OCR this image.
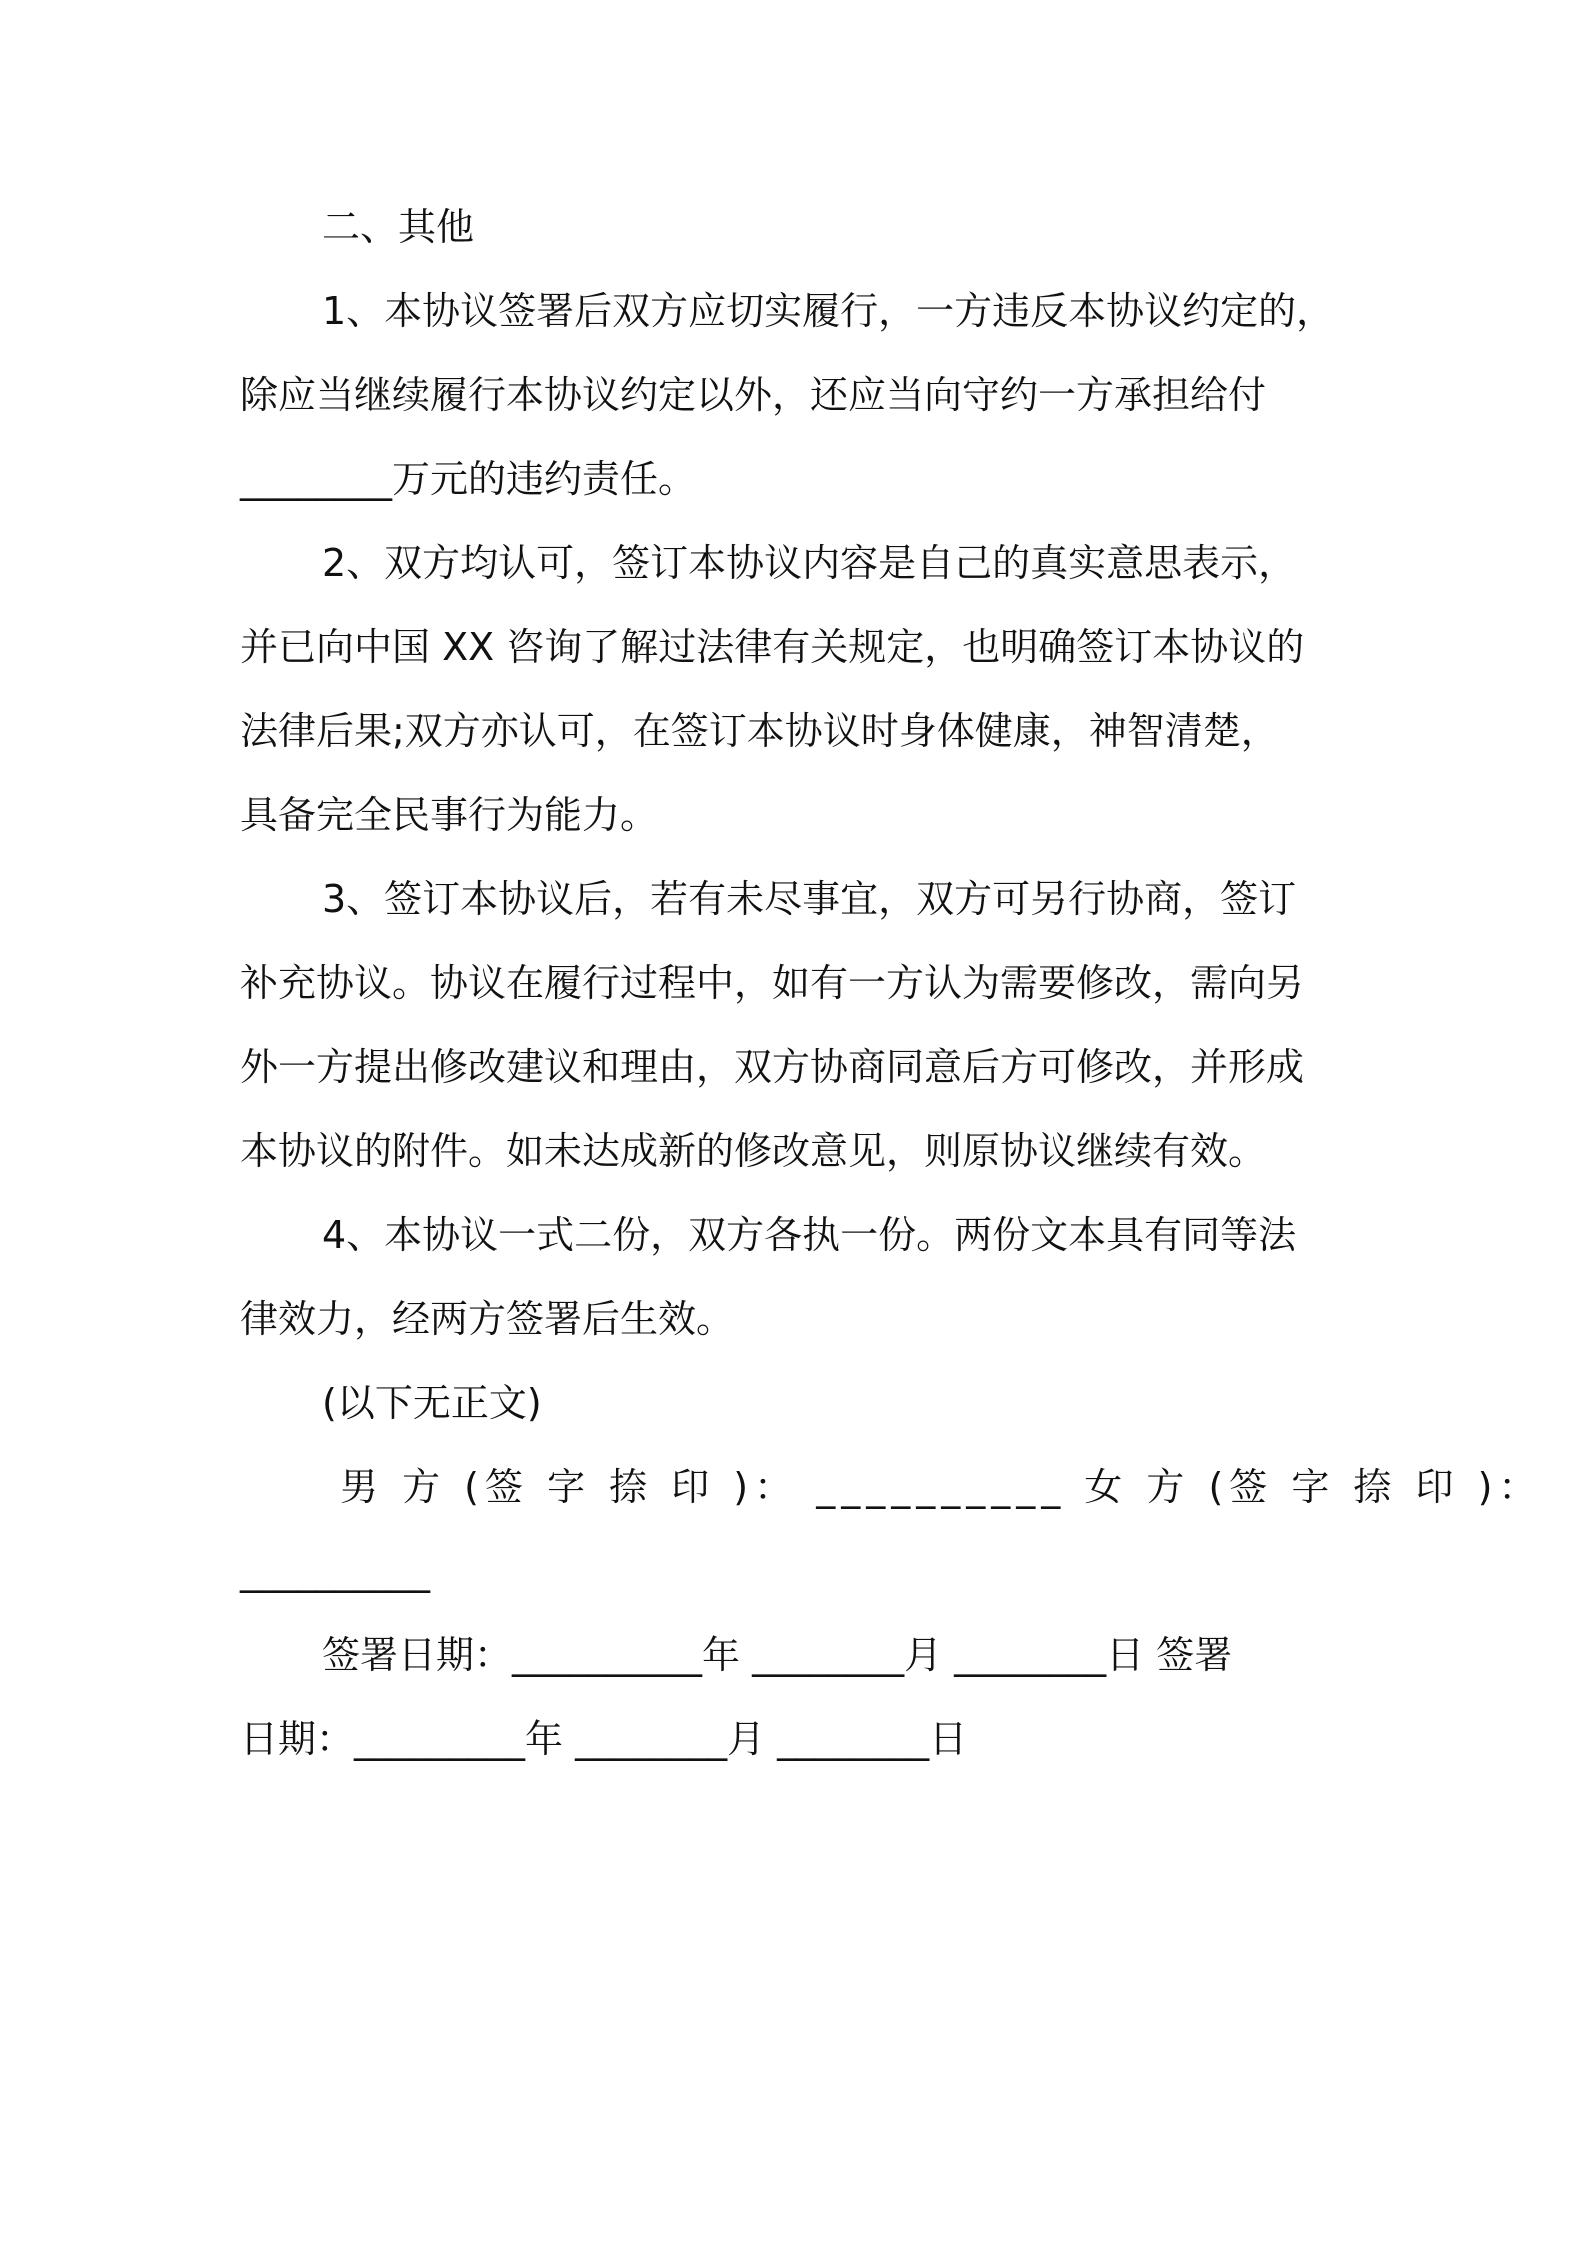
二、其他
1、本协议签署后双方应切实履行，一方违反本协议约定的，
除应当继续履行本协议约定以外，还应当向守约一方承担给付
________万元的违约责任。
2、双方均认可，签订本协议内容是自己的真实意思表示，
并已向中国 XX 咨询了解过法律有关规定，也明确签订本协议的
法律后果;双方亦认可，在签订本协议时身体健康，神智清楚，
具备完全民事行为能力。
3、签订本协议后，若有未尽事宜，双方可另行协商，签订
补充协议。协议在履行过程中，如有一方认为需要修改，需向另
外一方提出修改建议和理由，双方协商同意后方可修改，并形成
本协议的附件。如未达成新的修改意见，则原协议继续有效。
4、本协议一式二份，双方各执一份。两份文本具有同等法
律效力，经两方签署后生效。
(以下无正文)
男 方 (签 字 捺 印 )： __________ 女 方 (签 字 捺 印 )：
__________
签署日期：__________年 ________月 ________日 签署
日期：_________年 ________月 ________日
